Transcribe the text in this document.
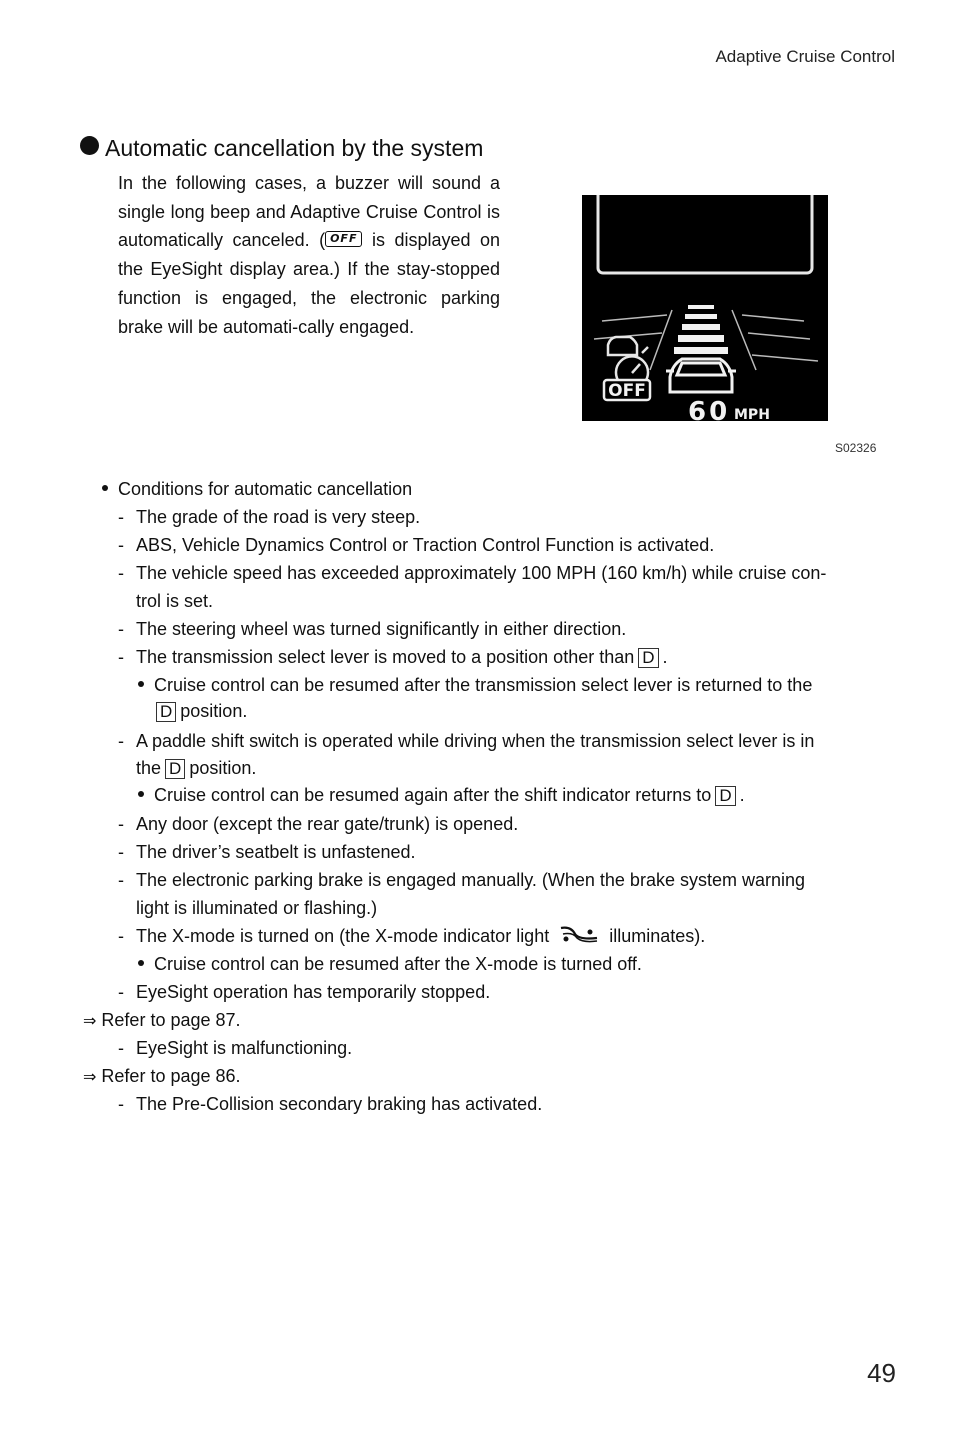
Adaptive Cruise Control
Automatic cancellation by the system
In the following cases, a buzzer will sound a single long beep and Adaptive Cruise Control is automatically canceled. ( OFF is displayed on the EyeSight display area.) If the stay-stopped function is engaged, the electronic parking brake will be automati-cally engaged.
OFF
60 MPH
S02326
Conditions for automatic cancellation
- The grade of the road is very steep.
- ABS, Vehicle Dynamics Control or Traction Control Function is activated.
- The vehicle speed has exceeded approximately 100 MPH (160 km/h) while cruise con-
trol is set.
- The steering wheel was turned significantly in either direction.
- The transmission select lever is moved to a position other than D .
Cruise control can be resumed after the transmission select lever is returned to the
D position.
- A paddle shift switch is operated while driving when the transmission select lever is in
the D position.
Cruise control can be resumed again after the shift indicator returns to D .
- Any door (except the rear gate/trunk) is opened.
- The driver’s seatbelt is unfastened.
- The electronic parking brake is engaged manually. (When the brake system warning
light is illuminated or flashing.)
- The X-mode is turned on (the X-mode indicator light	illuminates).
Cruise control can be resumed after the X-mode is turned off.
- EyeSight operation has temporarily stopped.
⇒ Refer to page 87.
- EyeSight is malfunctioning.
⇒ Refer to page 86.
- The Pre-Collision secondary braking has activated.
49
